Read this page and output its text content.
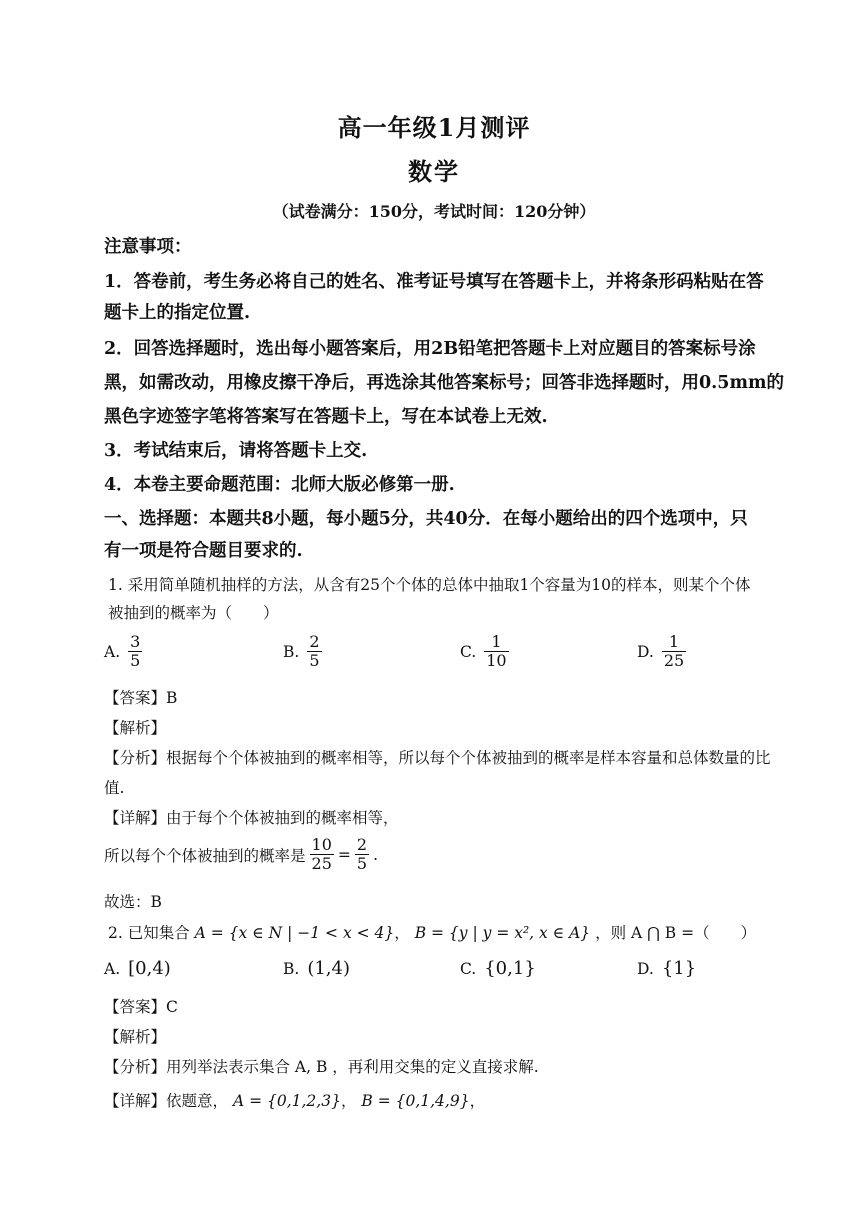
高一年级1月测评
数学
（试卷满分：150分，考试时间：120分钟）
注意事项：
1．答卷前，考生务必将自己的姓名、准考证号填写在答题卡上，并将条形码粘贴在答
题卡上的指定位置.
2．回答选择题时，选出每小题答案后，用2B铅笔把答题卡上对应题目的答案标号涂
黑，如需改动，用橡皮擦干净后，再选涂其他答案标号；回答非选择题时，用0.5mm的
黑色字迹签字笔将答案写在答题卡上，写在本试卷上无效.
3．考试结束后，请将答题卡上交.
4．本卷主要命题范围：北师大版必修第一册.
一、选择题：本题共8小题，每小题5分，共40分．在每小题给出的四个选项中，只
有一项是符合题目要求的.
1. 采用简单随机抽样的方法，从含有25个个体的总体中抽取1个容量为10的样本，则某个个体
被抽到的概率为（　　）
A. $\frac{3}{5}$	B. $\frac{2}{5}$	C. $\frac{1}{10}$	D. $\frac{1}{25}$
【答案】B
【解析】
【分析】根据每个个体被抽到的概率相等，所以每个个体被抽到的概率是样本容量和总体数量的比
值.
【详解】由于每个个体被抽到的概率相等，
所以每个个体被抽到的概率是 $\frac{10}{25} = \frac{2}{5}$ .
故选：B
2. 已知集合 A = {x ∈ N | −1 < x < 4}， B = {y | y = x², x ∈ A} ，则 A ⋂ B =（　　）
A. [0,4)	B. (1,4)	C. {0,1}	D. {1}
【答案】C
【解析】
【分析】用列举法表示集合 A, B ，再利用交集的定义直接求解.
【详解】依题意， A = {0,1,2,3}， B = {0,1,4,9}，
